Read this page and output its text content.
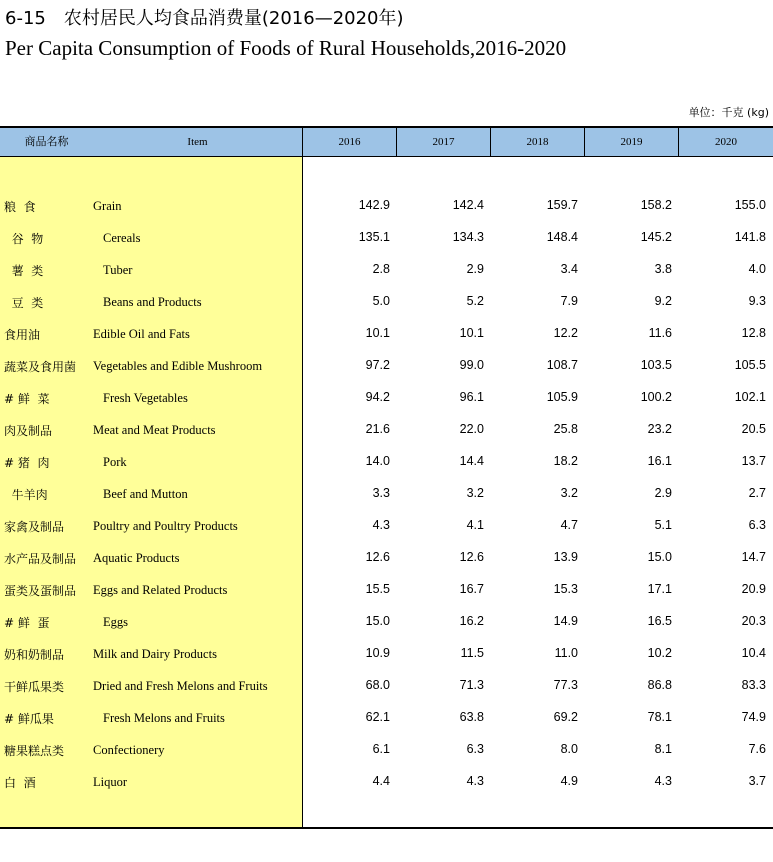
6-15 农村居民人均食品消费量(2016—2020年)
Per Capita Consumption of Foods of Rural Households,2016-2020
单位：千克 (kg)
商品名称	Item	2016	2017	2018	2019	2020
粮  食	Grain	142.9	142.4	159.7	158.2	155.0
谷  物	Cereals	135.1	134.3	148.4	145.2	141.8
薯  类	Tuber	2.8	2.9	3.4	3.8	4.0
豆  类	Beans and Products	5.0	5.2	7.9	9.2	9.3
食用油	Edible Oil and Fats	10.1	10.1	12.2	11.6	12.8
蔬菜及食用菌 Vegetables and Edible Mushroom	97.2	99.0	108.7	103.5	105.5
# 鲜  菜	Fresh Vegetables	94.2	96.1	105.9	100.2	102.1
肉及制品	Meat and Meat Products	21.6	22.0	25.8	23.2	20.5
# 猪  肉	Pork	14.0	14.4	18.2	16.1	13.7
牛羊肉	Beef and Mutton	3.3	3.2	3.2	2.9	2.7
家禽及制品 Poultry and Poultry Products	4.3	4.1	4.7	5.1	6.3
水产品及制品 Aquatic Products	12.6	12.6	13.9	15.0	14.7
蛋类及蛋制品 Eggs and Related Products	15.5	16.7	15.3	17.1	20.9
# 鲜  蛋	Eggs	15.0	16.2	14.9	16.5	20.3
奶和奶制品 Milk and Dairy Products	10.9	11.5	11.0	10.2	10.4
干鲜瓜果类 Dried and Fresh Melons and Fruits	68.0	71.3	77.3	86.8	83.3
# 鲜瓜果	Fresh Melons and Fruits	62.1	63.8	69.2	78.1	74.9
糖果糕点类 Confectionery	6.1	6.3	8.0	8.1	7.6
白  酒	Liquor	4.4	4.3	4.9	4.3	3.7
